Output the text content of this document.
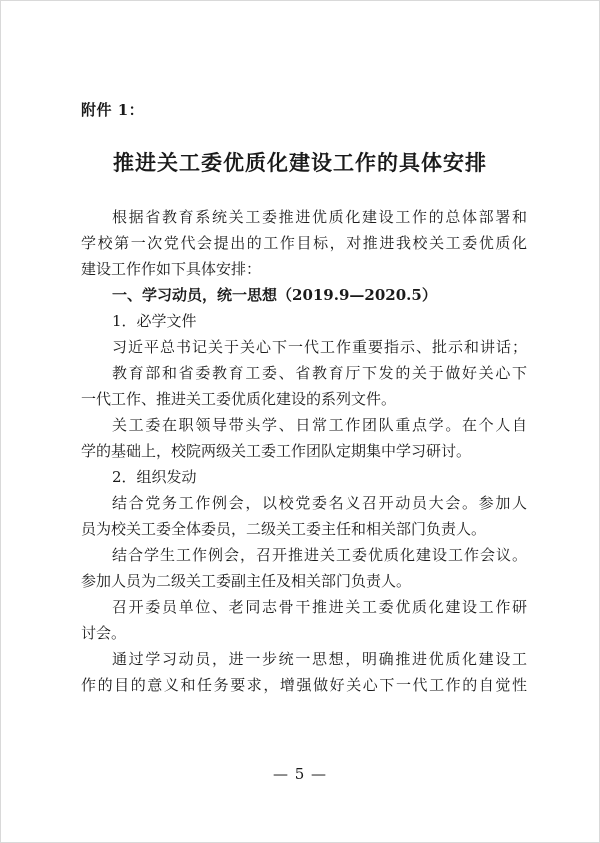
附件 1：
推进关工委优质化建设工作的具体安排
根据省教育系统关工委推进优质化建设工作的总体部署和
学校第一次党代会提出的工作目标，对推进我校关工委优质化
建设工作作如下具体安排：
一、学习动员，统一思想（2019.9—2020.5）
1．必学文件
习近平总书记关于关心下一代工作重要指示、批示和讲话；
教育部和省委教育工委、省教育厅下发的关于做好关心下
一代工作、推进关工委优质化建设的系列文件。
关工委在职领导带头学、日常工作团队重点学。在个人自
学的基础上，校院两级关工委工作团队定期集中学习研讨。
2．组织发动
结合党务工作例会，以校党委名义召开动员大会。参加人
员为校关工委全体委员，二级关工委主任和相关部门负责人。
结合学生工作例会，召开推进关工委优质化建设工作会议。
参加人员为二级关工委副主任及相关部门负责人。
召开委员单位、老同志骨干推进关工委优质化建设工作研
讨会。
通过学习动员，进一步统一思想，明确推进优质化建设工
作的目的意义和任务要求，增强做好关心下一代工作的自觉性
— 5 —
